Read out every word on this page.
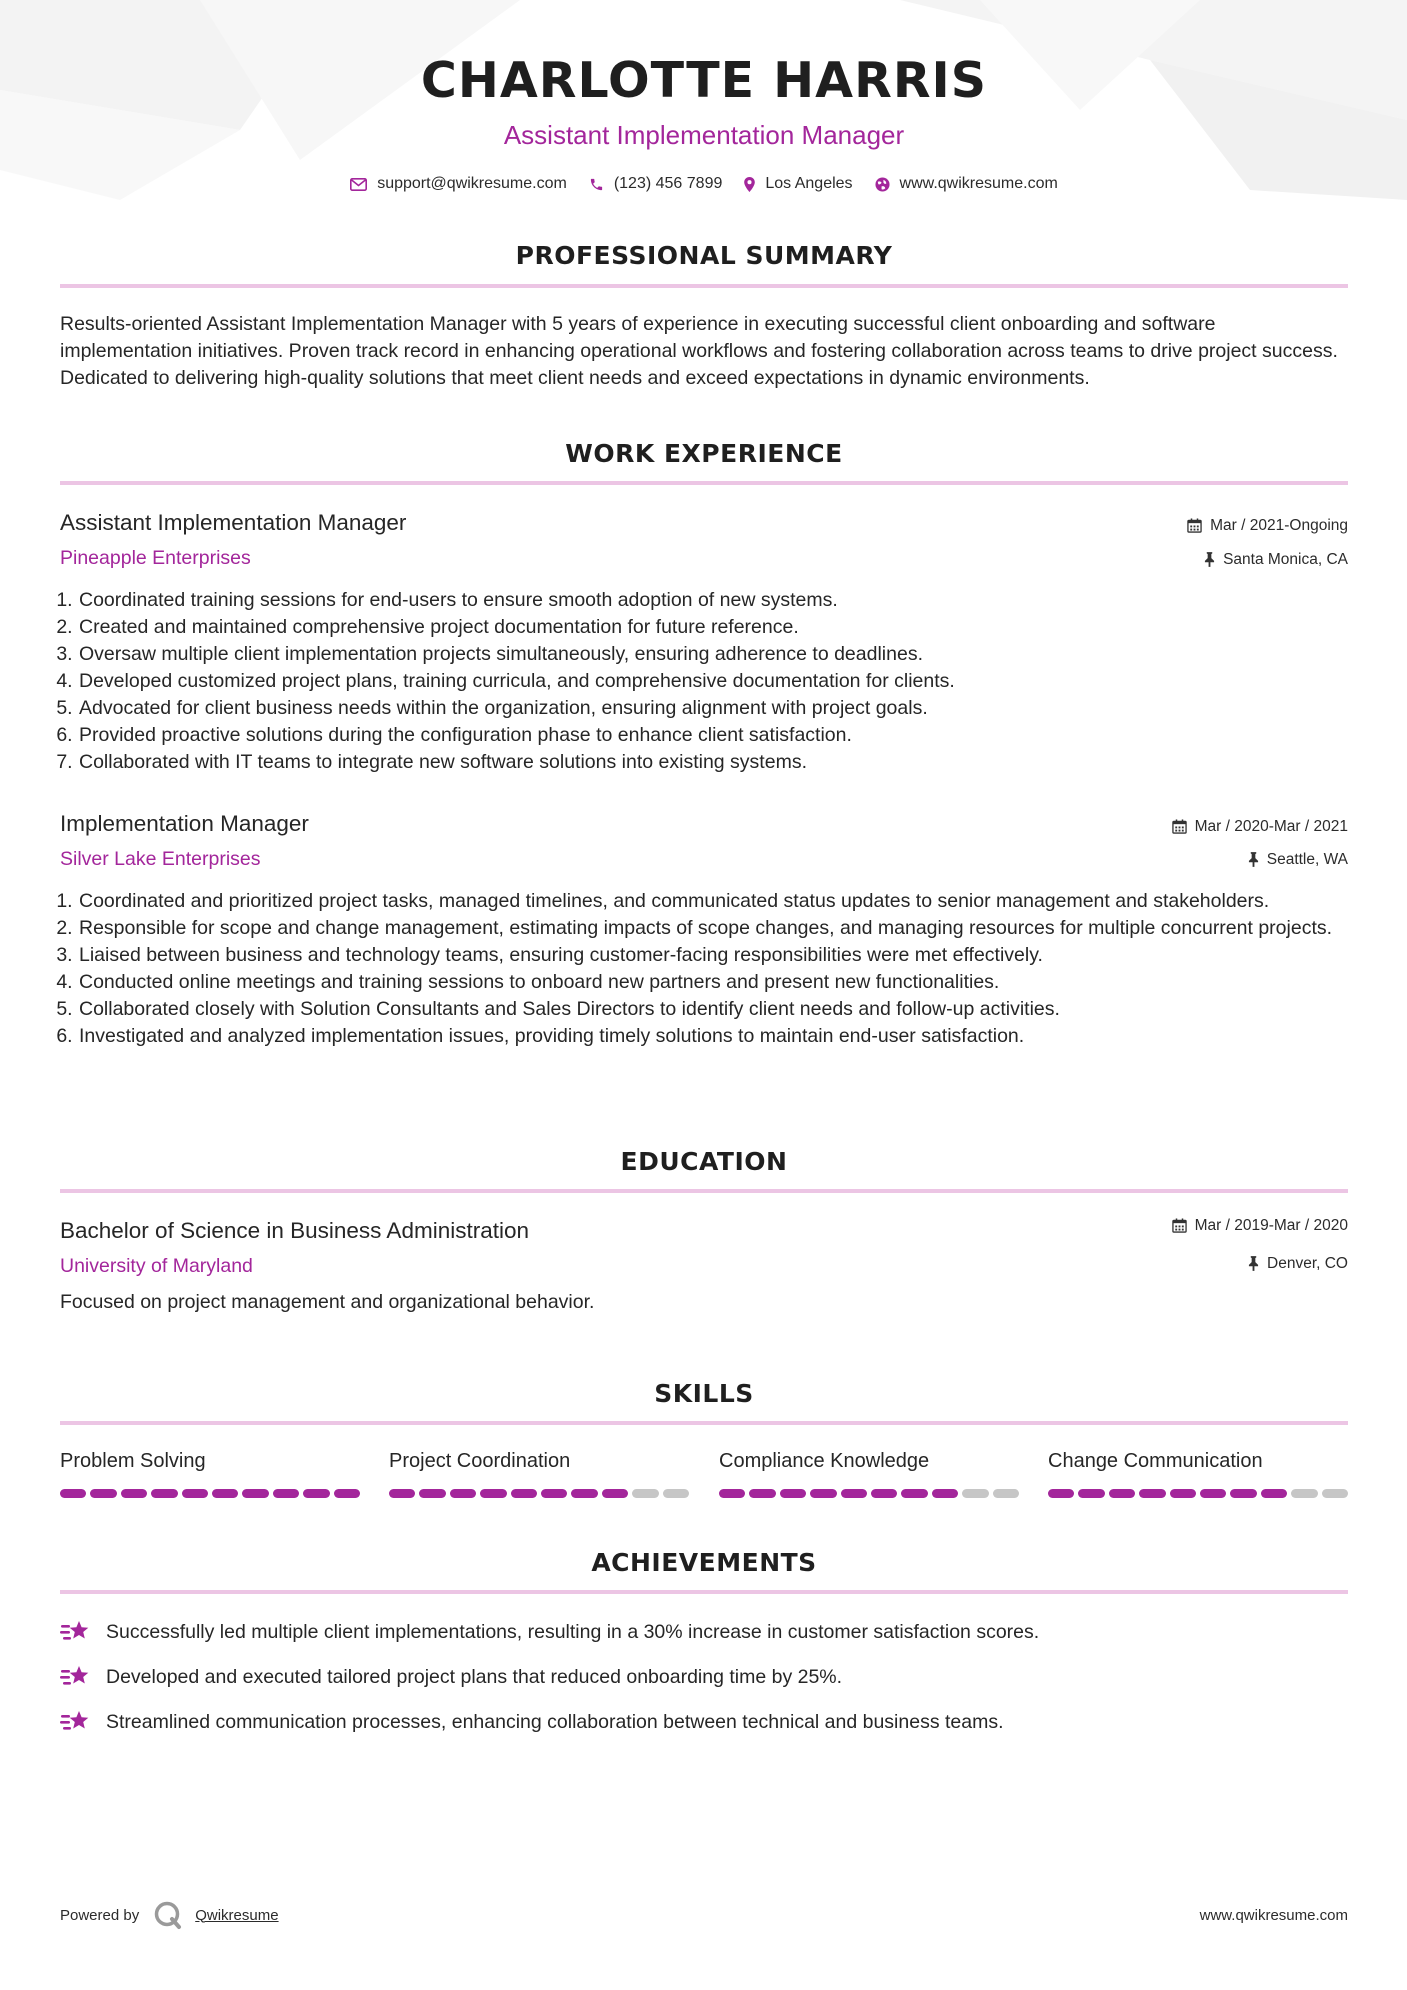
CHARLOTTE HARRIS
Assistant Implementation Manager
support@qwikresume.com	(123) 456 7899	Los Angeles	www.qwikresume.com
PROFESSIONAL SUMMARY
Results-oriented Assistant Implementation Manager with 5 years of experience in executing successful client onboarding and software implementation initiatives. Proven track record in enhancing operational workflows and fostering collaboration across teams to drive project success. Dedicated to delivering high-quality solutions that meet client needs and exceed expectations in dynamic environments.
WORK EXPERIENCE
Assistant Implementation Manager
Pineapple Enterprises
Mar / 2021-Ongoing
Santa Monica, CA
1. Coordinated training sessions for end-users to ensure smooth adoption of new systems.
2. Created and maintained comprehensive project documentation for future reference.
3. Oversaw multiple client implementation projects simultaneously, ensuring adherence to deadlines.
4. Developed customized project plans, training curricula, and comprehensive documentation for clients.
5. Advocated for client business needs within the organization, ensuring alignment with project goals.
6. Provided proactive solutions during the configuration phase to enhance client satisfaction.
7. Collaborated with IT teams to integrate new software solutions into existing systems.
Implementation Manager
Silver Lake Enterprises
Mar / 2020-Mar / 2021
Seattle, WA
1. Coordinated and prioritized project tasks, managed timelines, and communicated status updates to senior management and stakeholders.
2. Responsible for scope and change management, estimating impacts of scope changes, and managing resources for multiple concurrent projects.
3. Liaised between business and technology teams, ensuring customer-facing responsibilities were met effectively.
4. Conducted online meetings and training sessions to onboard new partners and present new functionalities.
5. Collaborated closely with Solution Consultants and Sales Directors to identify client needs and follow-up activities.
6. Investigated and analyzed implementation issues, providing timely solutions to maintain end-user satisfaction.
EDUCATION
Bachelor of Science in Business Administration
University of Maryland
Mar / 2019-Mar / 2020
Denver, CO
Focused on project management and organizational behavior.
SKILLS
Problem Solving	Project Coordination	Compliance Knowledge	Change Communication
ACHIEVEMENTS
Successfully led multiple client implementations, resulting in a 30% increase in customer satisfaction scores.
Developed and executed tailored project plans that reduced onboarding time by 25%.
Streamlined communication processes, enhancing collaboration between technical and business teams.
Powered by	Qwikresume	www.qwikresume.com
